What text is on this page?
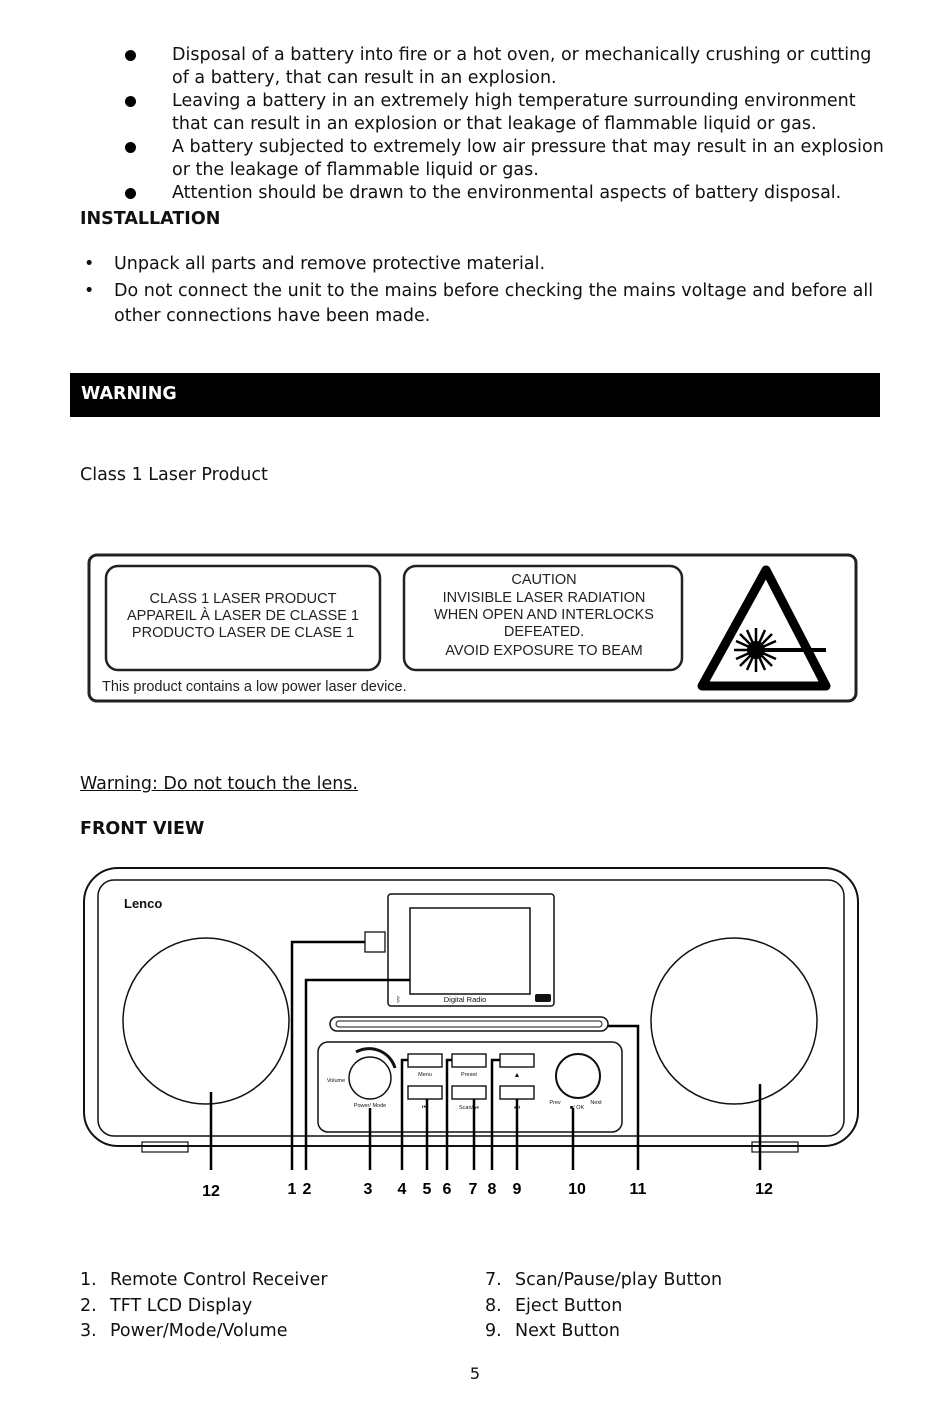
Disposal of a battery into fire or a hot oven, or mechanically crushing or cutting of a battery, that can result in an explosion.
Leaving a battery in an extremely high temperature surrounding environment that can result in an explosion or that leakage of flammable liquid or gas.
A battery subjected to extremely low air pressure that may result in an explosion or the leakage of flammable liquid or gas.
Attention should be drawn to the environmental aspects of battery disposal.
INSTALLATION
• Unpack all parts and remove protective material.
• Do not connect the unit to the mains before checking the mains voltage and before all other connections have been made.
WARNING
Class 1 Laser Product
CLASS 1 LASER PRODUCT
APPAREIL À LASER DE CLASSE 1
PRODUCTO LASER DE CLASE 1
CAUTION
INVISIBLE LASER RADIATION
WHEN OPEN AND INTERLOCKS
DEFEATED.
AVOID EXPOSURE TO BEAM
This product contains a low power laser device.
Warning: Do not touch the lens.
FRONT VIEW
Lenco
Digital Radio
ᛒ
Menu	Preset	▲
⏮	Scan/ ⏯	⏭
Volume
Power/ Mode	Prev
■/ OK
Next
12	1 2	3 4 5 6 7 8 9	10	11	12
1. Remote Control Receiver
2. TFT LCD Display
3. Power/Mode/Volume
7. Scan/Pause/play Button
8. Eject Button
9. Next Button
5
